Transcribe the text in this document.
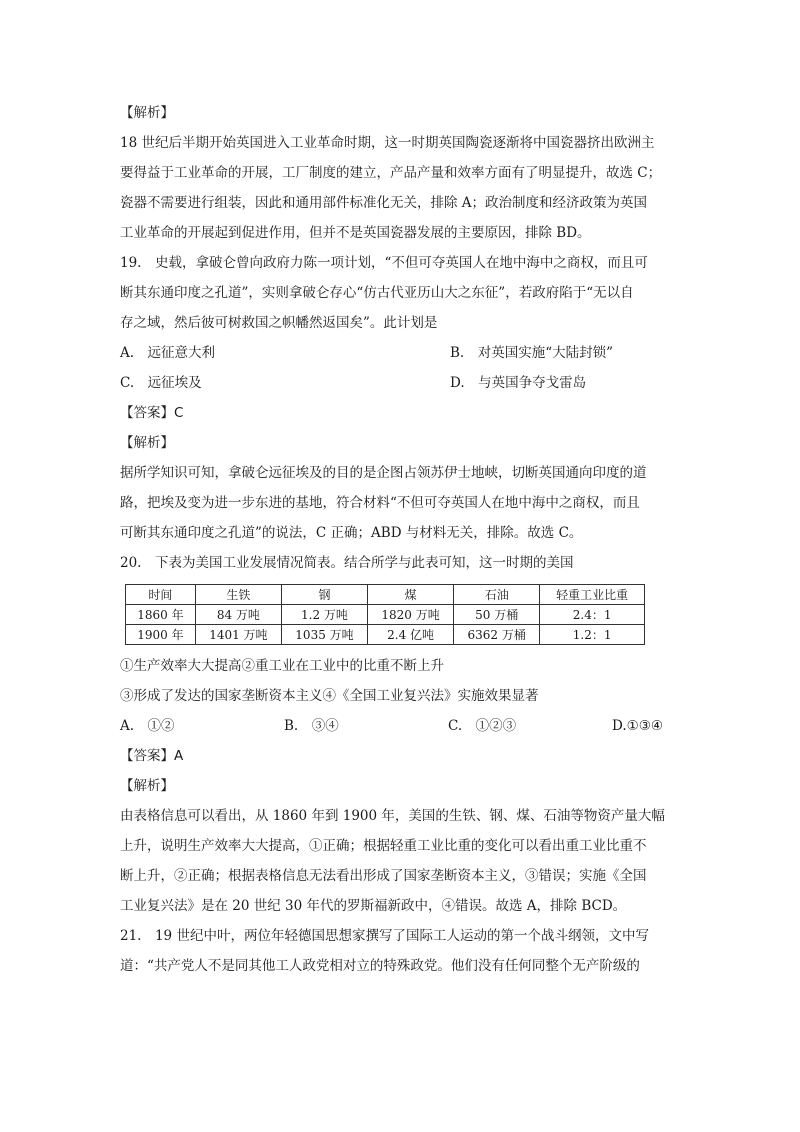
【解析】
18 世纪后半期开始英国进入工业革命时期，这一时期英国陶瓷逐渐将中国瓷器挤出欧洲主
要得益于工业革命的开展，工厂制度的建立，产品产量和效率方面有了明显提升，故选 C；
瓷器不需要进行组装，因此和通用部件标准化无关，排除 A；政治制度和经济政策为英国
工业革命的开展起到促进作用，但并不是英国瓷器发展的主要原因，排除 BD。
19.　史载，拿破仑曾向政府力陈一项计划，“不但可夺英国人在地中海中之商权，而且可
断其东通印度之孔道”，实则拿破仑存心“仿古代亚历山大之东征”，若政府陷于“无以自
存之域，然后彼可树救国之帜幡然返国矣”。此计划是
A.　远征意大利	B.　对英国实施“大陆封锁”
C.　远征埃及	D.　与英国争夺戈雷岛
【答案】C
【解析】
据所学知识可知，拿破仑远征埃及的目的是企图占领苏伊士地峡，切断英国通向印度的道
路，把埃及变为进一步东进的基地，符合材料“不但可夺英国人在地中海中之商权，而且
可断其东通印度之孔道”的说法，C 正确；ABD 与材料无关，排除。故选 C。
20.　下表为美国工业发展情况简表。结合所学与此表可知，这一时期的美国
时间	生铁	钢	煤	石油	轻重工业比重
1860 年	84 万吨	1.2 万吨	1820 万吨	50 万桶	2.4：1
1900 年	1401 万吨	1035 万吨	2.4 亿吨	6362 万桶	1.2：1
①生产效率大大提高②重工业在工业中的比重不断上升
③形成了发达的国家垄断资本主义④《全国工业复兴法》实施效果显著
A.　①②	B.　③④	C.　①②③	D.①③④
【答案】A
【解析】
由表格信息可以看出，从 1860 年到 1900 年，美国的生铁、钢、煤、石油等物资产量大幅
上升，说明生产效率大大提高，①正确；根据轻重工业比重的变化可以看出重工业比重不
断上升，②正确；根据表格信息无法看出形成了国家垄断资本主义，③错误；实施《全国
工业复兴法》是在 20 世纪 30 年代的罗斯福新政中，④错误。故选 A，排除 BCD。
21.　19 世纪中叶，两位年轻德国思想家撰写了国际工人运动的第一个战斗纲领，文中写
道：“共产党人不是同其他工人政党相对立的特殊政党。他们没有任何同整个无产阶级的
